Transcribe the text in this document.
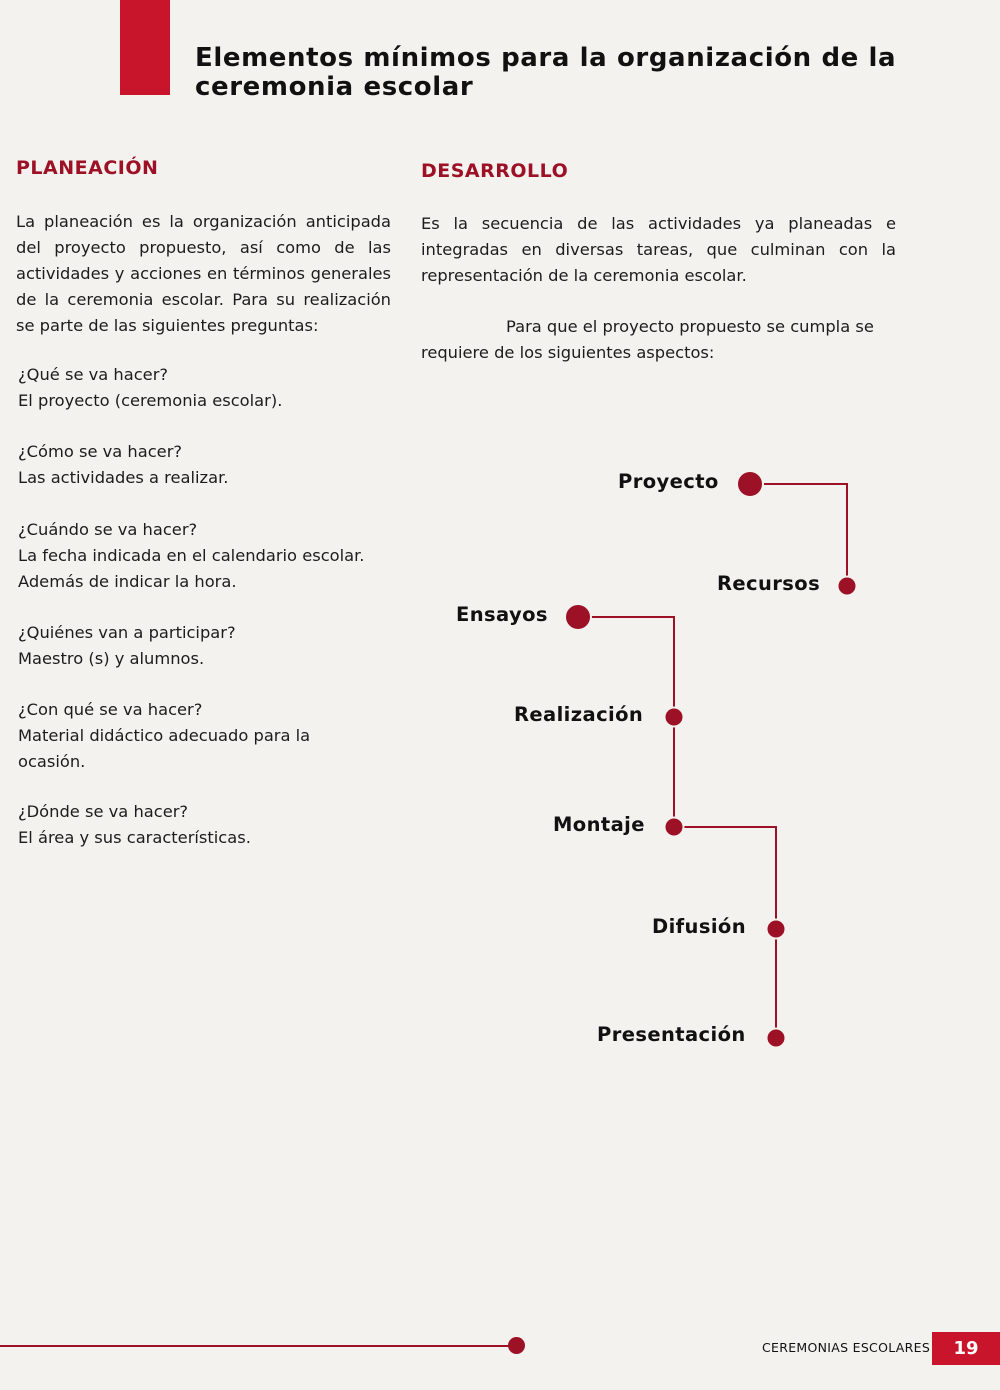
Elementos mínimos para la organización de la ceremonia escolar
PLANEACIÓN

La planeación es la organización anticipada del proyecto propuesto, así como de las actividades y acciones en términos generales de la ceremonia escolar. Para su realización se parte de las siguientes preguntas:

¿Qué se va hacer?
El proyecto (ceremonia escolar).
¿Cómo se va hacer?
Las actividades a realizar.
¿Cuándo se va hacer?
La fecha indicada en el calendario escolar. Además de indicar la hora.
¿Quiénes van a participar?
Maestro (s) y alumnos.
¿Con qué se va hacer?
Material didáctico adecuado para la ocasión.
¿Dónde se va hacer?
El área y sus características.
DESARROLLO

Es la secuencia de las actividades ya planeadas e integradas en diversas tareas, que culminan con la representación de la ceremonia escolar.

Para que el proyecto propuesto se cumpla se requiere de los siguientes aspectos:

Proyecto
Recursos
Ensayos
Realización
Montaje
Difusión
Presentación
CEREMONIAS ESCOLARES	19
